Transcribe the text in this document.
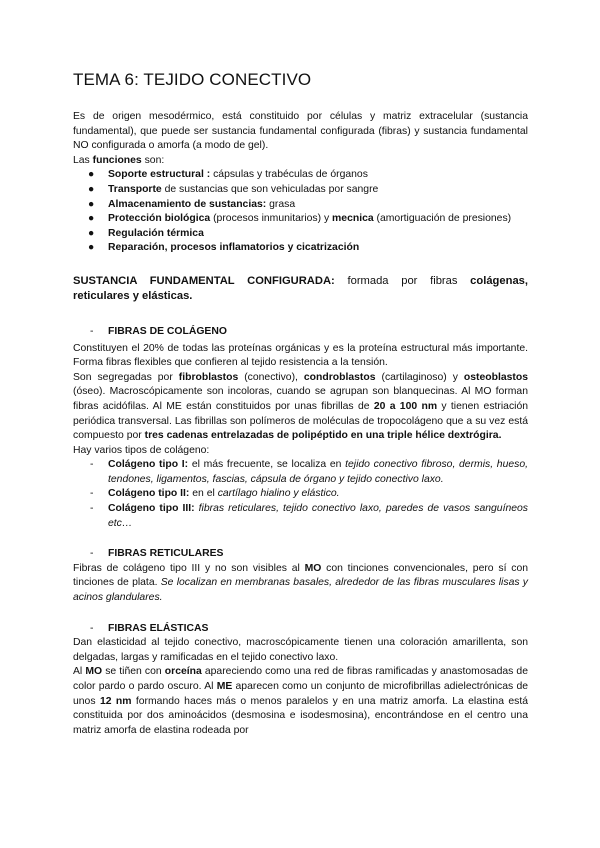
TEMA 6: TEJIDO CONECTIVO

Es de origen mesodérmico, está constituido por células y matriz extracelular (sustancia fundamental), que puede ser sustancia fundamental configurada (fibras) y sustancia fundamental NO configurada o amorfa (a modo de gel).

Las funciones son:

● Soporte estructural : cápsulas y trabéculas de órganos
● Transporte de sustancias que son vehiculadas por sangre
● Almacenamiento de sustancias: grasa
● Protección biológica (procesos inmunitarios) y mecnica (amortiguación de presiones)
● Regulación térmica
● Reparación, procesos inflamatorios y cicatrización

SUSTANCIA FUNDAMENTAL CONFIGURADA: formada por fibras colágenas, reticulares y elásticas.

- FIBRAS DE COLÁGENO

Constituyen el 20% de todas las proteínas orgánicas y es la proteína estructural más importante. Forma fibras flexibles que confieren al tejido resistencia a la tensión.

Son segregadas por fibroblastos (conectivo), condroblastos (cartilaginoso) y osteoblastos (óseo). Macroscópicamente son incoloras, cuando se agrupan son blanquecinas. Al MO forman fibras acidófilas. Al ME están constituidos por unas fibrillas de 20 a 100 nm y tienen estriación periódica transversal. Las fibrillas son polímeros de moléculas de tropocolágeno que a su vez está compuesto por tres cadenas entrelazadas de polipéptido en una triple hélice dextrógira.

Hay varios tipos de colágeno:

- Colágeno tipo I: el más frecuente, se localiza en tejido conectivo fibroso, dermis, hueso, tendones, ligamentos, fascias, cápsula de órgano y tejido conectivo laxo.
- Colágeno tipo II: en el cartílago hialino y elástico.
- Colágeno tipo III: fibras reticulares, tejido conectivo laxo, paredes de vasos sanguíneos etc…
- FIBRAS RETICULARES

Fibras de colágeno tipo III y no son visibles al MO con tinciones convencionales, pero sí con tinciones de plata. Se localizan en membranas basales, alrededor de las fibras musculares lisas y acinos glandulares.

- FIBRAS ELÁSTICAS

Dan elasticidad al tejido conectivo, macroscópicamente tienen una coloración amarillenta, son delgadas, largas y ramificadas en el tejido conectivo laxo.

Al MO se tiñen con orceína apareciendo como una red de fibras ramificadas y anastomosadas de color pardo o pardo oscuro. Al ME aparecen como un conjunto de microfibrillas adielectrónicas de unos 12 nm formando haces más o menos paralelos y en una matriz amorfa. La elastina está constituida por dos aminoácidos (desmosina e isodesmosina), encontrándose en el centro una matriz amorfa de elastina rodeada por
